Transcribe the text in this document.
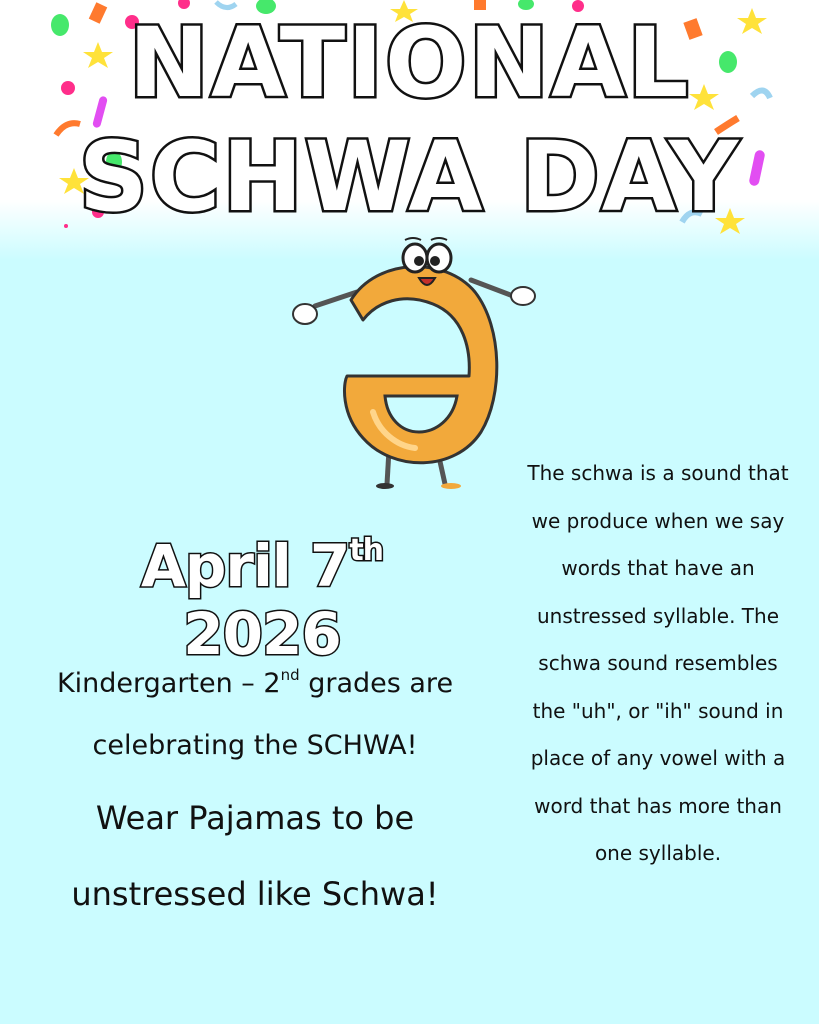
NATIONAL
SCHWA DAY
April 7th 2026

Kindergarten – 2nd grades are
celebrating the SCHWA!

Wear Pajamas to be
unstressed like Schwa!

The schwa is a sound that we produce when we say words that have an unstressed syllable. The schwa sound resembles the "uh", or "ih" sound in place of any vowel with a word that has more than one syllable.
